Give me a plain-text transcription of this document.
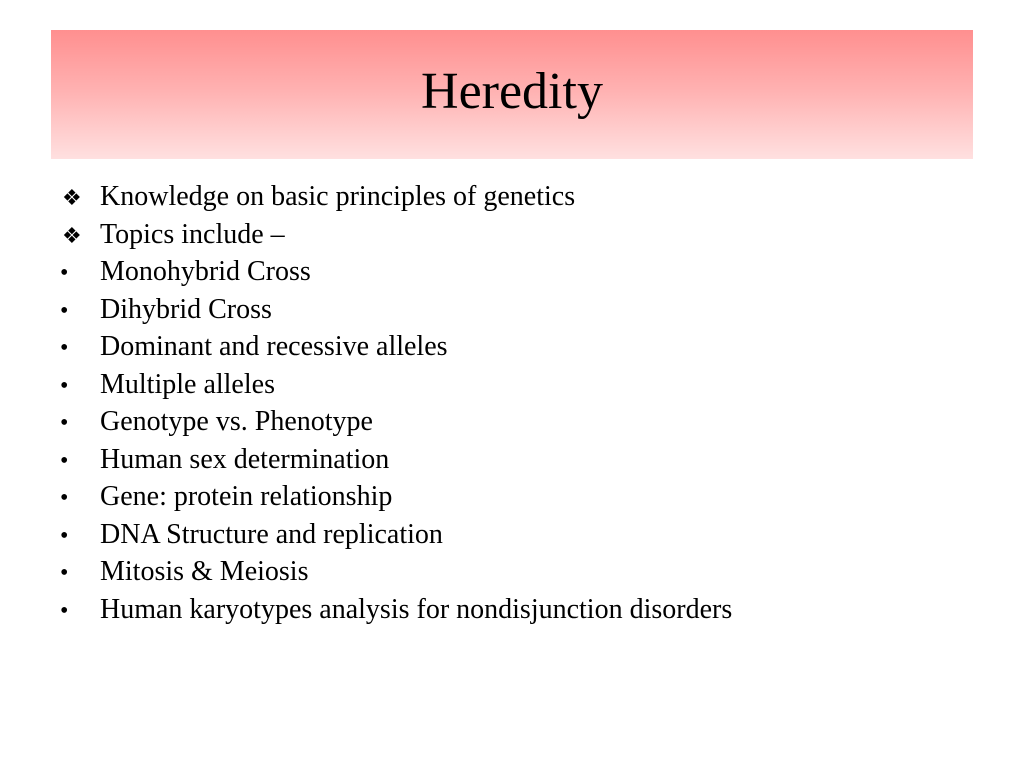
Heredity
❖ Knowledge on basic principles of genetics
❖ Topics include –
•	Monohybrid Cross
•	Dihybrid Cross
•	Dominant and recessive alleles
•	Multiple alleles
•	Genotype vs. Phenotype
•	Human sex determination
•	Gene: protein relationship
•	DNA Structure and replication
•	Mitosis & Meiosis
•	Human karyotypes analysis for nondisjunction disorders
